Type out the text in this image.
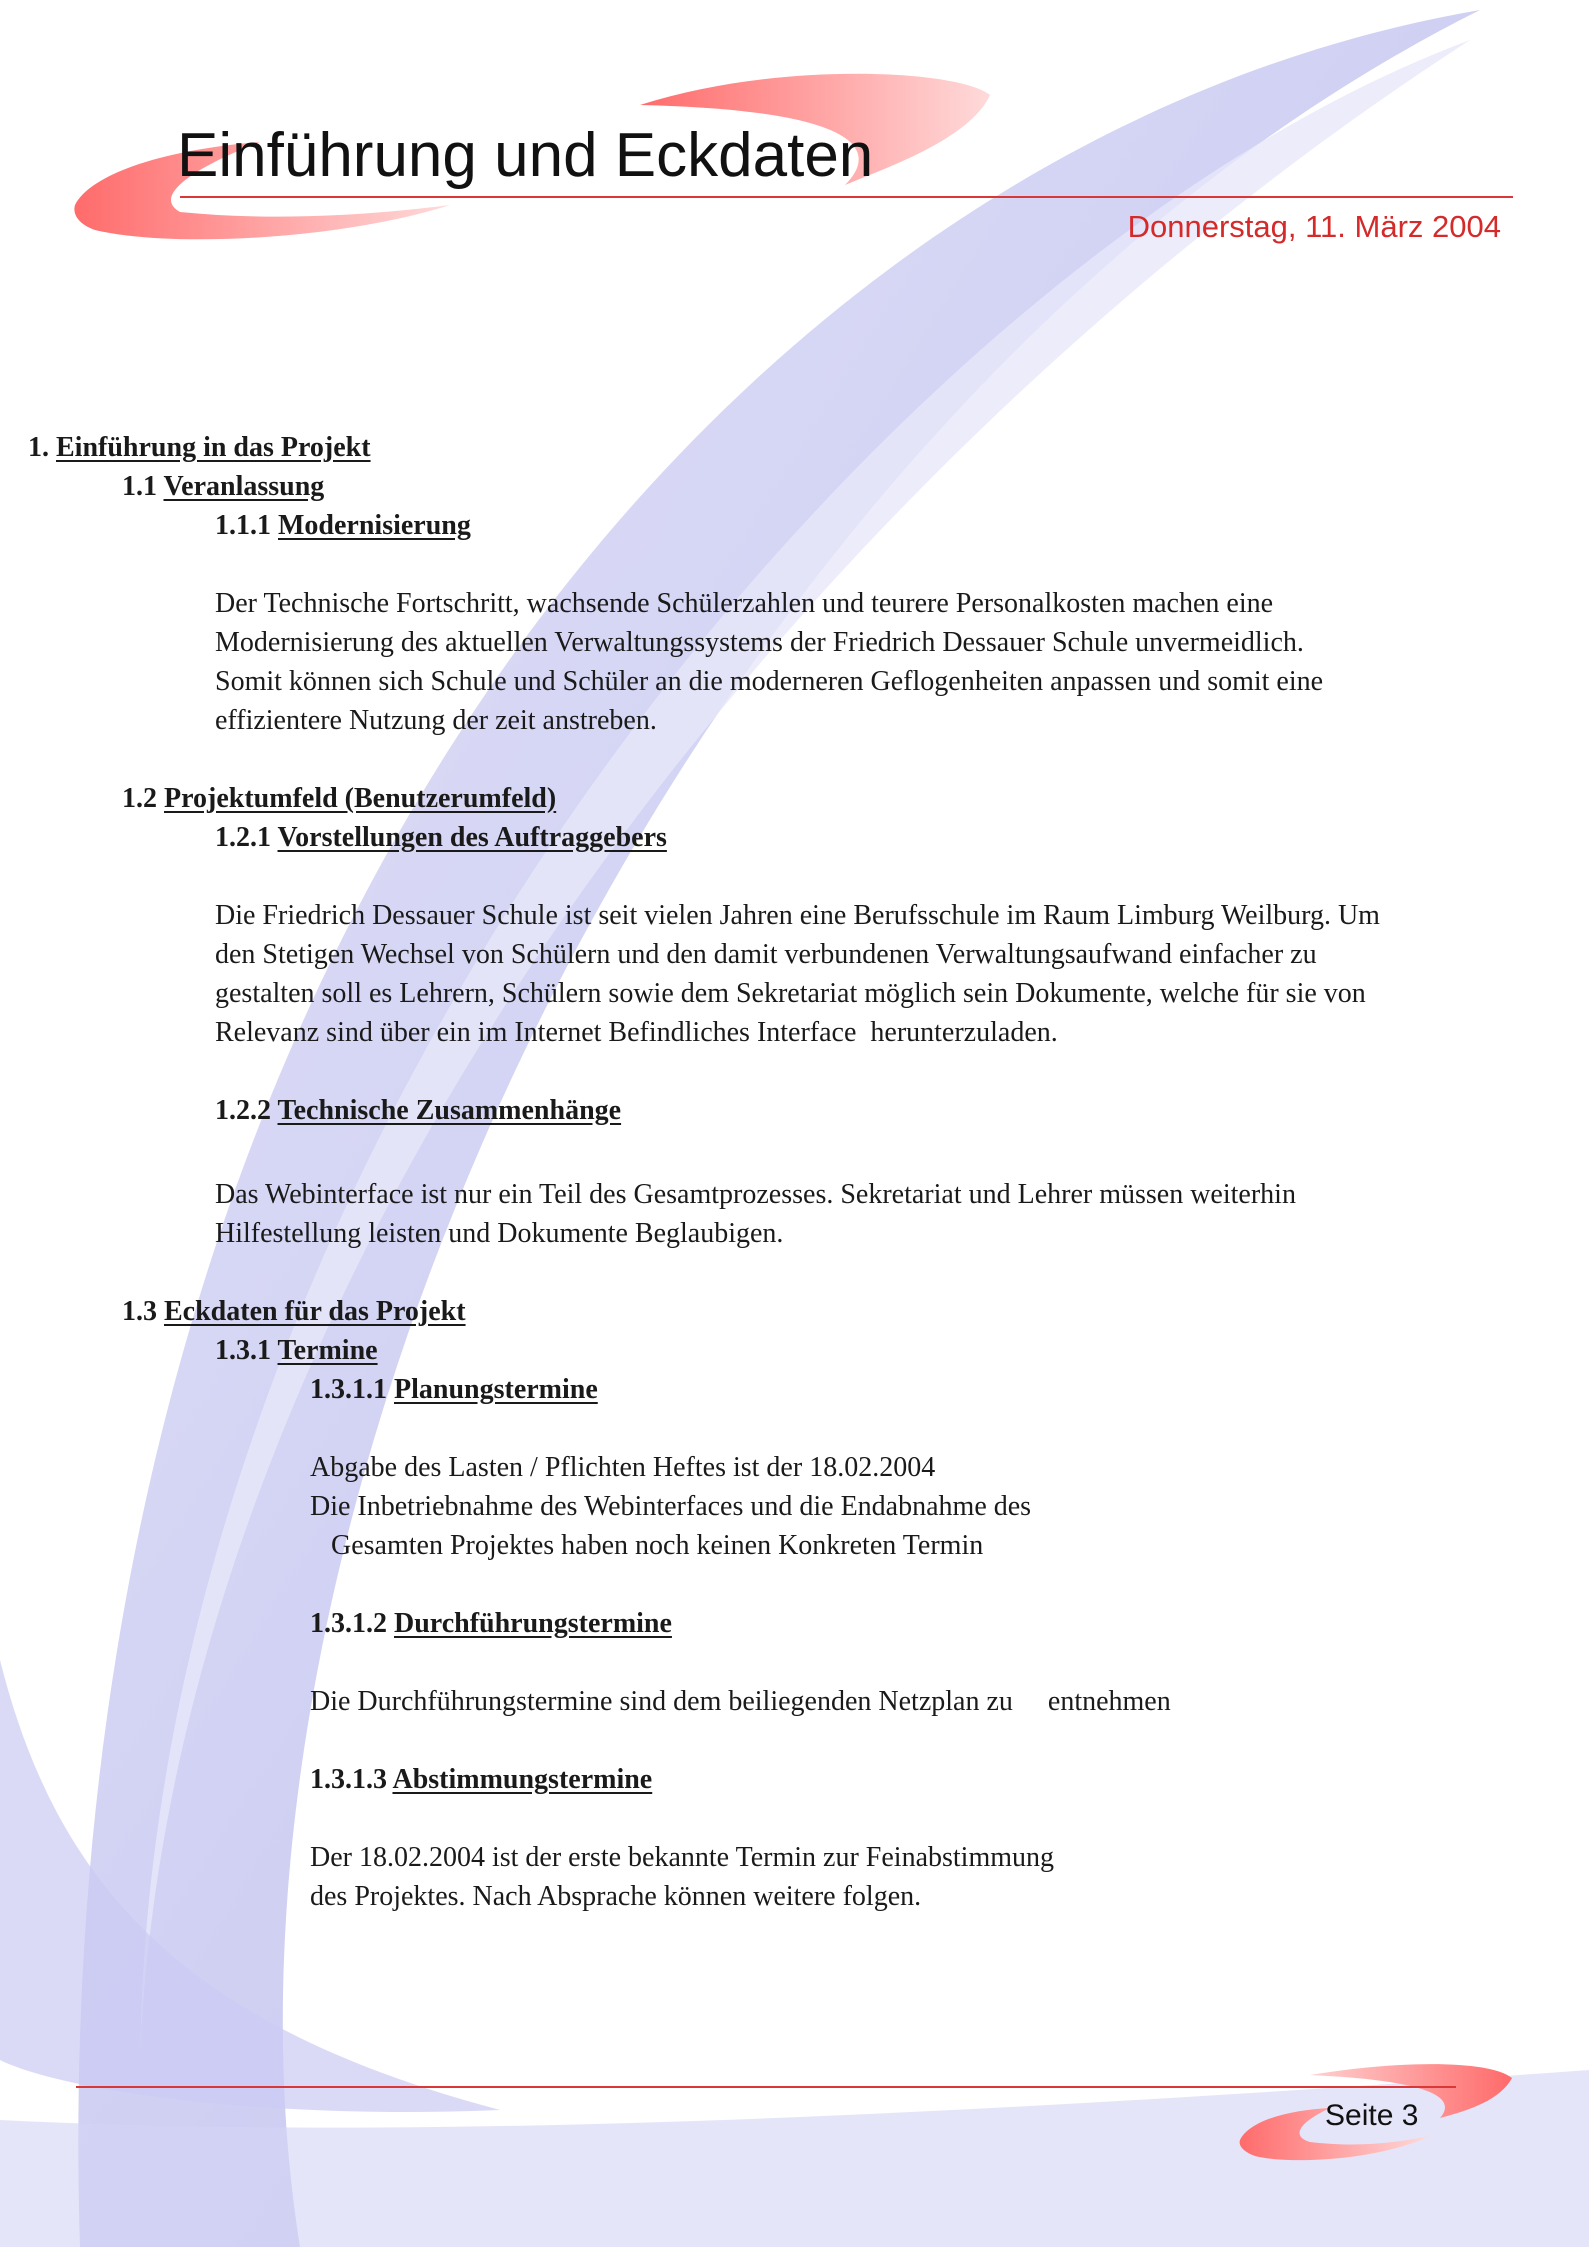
Einführung und Eckdaten
Donnerstag, 11. März 2004

1. Einführung in das Projekt

1.1 Veranlassung

1.1.1 Modernisierung

Der Technische Fortschritt, wachsende Schülerzahlen und teurere Personalkosten machen eine

Modernisierung des aktuellen Verwaltungssystems der Friedrich Dessauer Schule unvermeidlich.

Somit können sich Schule und Schüler an die moderneren Geflogenheiten anpassen und somit eine

effizientere Nutzung der zeit anstreben.

1.2 Projektumfeld (Benutzerumfeld)

1.2.1 Vorstellungen des Auftraggebers

Die Friedrich Dessauer Schule ist seit vielen Jahren eine Berufsschule im Raum Limburg Weilburg. Um

den Stetigen Wechsel von Schülern und den damit verbundenen Verwaltungsaufwand einfacher zu

gestalten soll es Lehrern, Schülern sowie dem Sekretariat möglich sein Dokumente, welche für sie von

Relevanz sind über ein im Internet Befindliches Interface  herunterzuladen.

1.2.2 Technische Zusammenhänge

Das Webinterface ist nur ein Teil des Gesamtprozesses. Sekretariat und Lehrer müssen weiterhin

Hilfestellung leisten und Dokumente Beglaubigen.

1.3 Eckdaten für das Projekt

1.3.1 Termine

1.3.1.1 Planungstermine

Abgabe des Lasten / Pflichten Heftes ist der 18.02.2004

Die Inbetriebnahme des Webinterfaces und die Endabnahme des

Gesamten Projektes haben noch keinen Konkreten Termin

1.3.1.2 Durchführungstermine

Die Durchführungstermine sind dem beiliegenden Netzplan zu     entnehmen

1.3.1.3 Abstimmungstermine

Der 18.02.2004 ist der erste bekannte Termin zur Feinabstimmung

des Projektes. Nach Absprache können weitere folgen.

Seite 3
